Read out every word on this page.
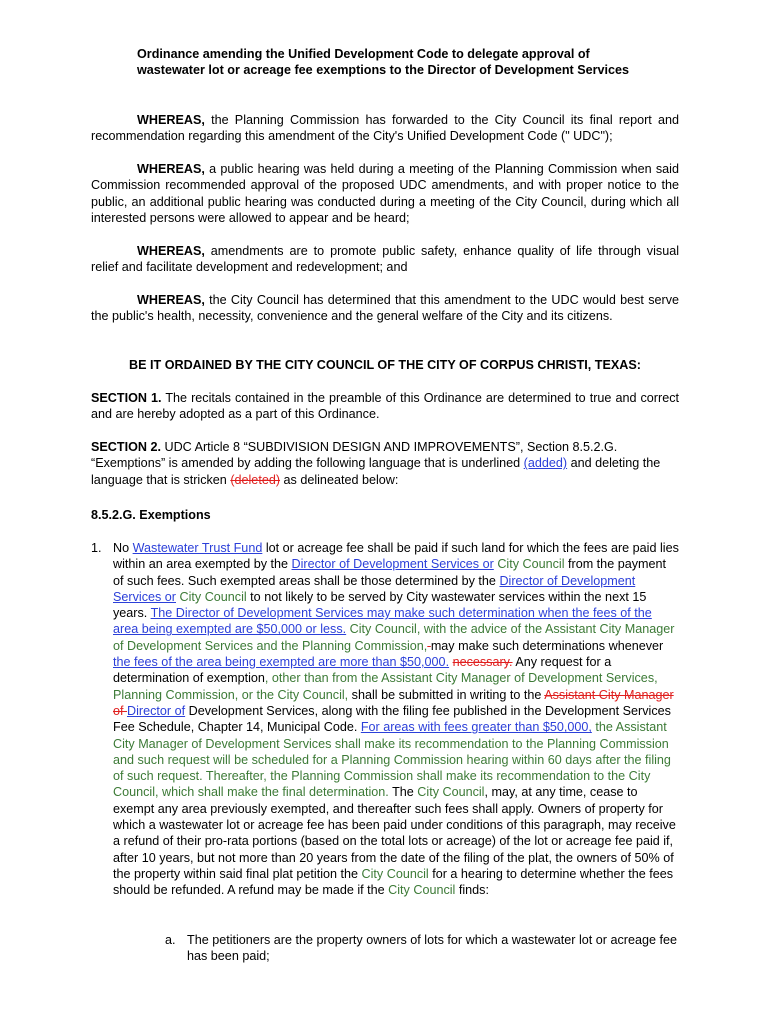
Ordinance amending the Unified Development Code to delegate approval of wastewater lot or acreage fee exemptions to the Director of Development Services

WHEREAS, the Planning Commission has forwarded to the City Council its final report and recommendation regarding this amendment of the City's Unified Development Code (" UDC");

WHEREAS, a public hearing was held during a meeting of the Planning Commission when said Commission recommended approval of the proposed UDC amendments, and with proper notice to the public, an additional public hearing was conducted during a meeting of the City Council, during which all interested persons were allowed to appear and be heard;

WHEREAS, amendments are to promote public safety, enhance quality of life through visual relief and facilitate development and redevelopment; and

WHEREAS, the City Council has determined that this amendment to the UDC would best serve the public's health, necessity, convenience and the general welfare of the City and its citizens.

BE IT ORDAINED BY THE CITY COUNCIL OF THE CITY OF CORPUS CHRISTI, TEXAS:

SECTION 1. The recitals contained in the preamble of this Ordinance are determined to true and correct and are hereby adopted as a part of this Ordinance.

SECTION 2. UDC Article 8 “SUBDIVISION DESIGN AND IMPROVEMENTS”, Section 8.5.2.G. “Exemptions” is amended by adding the following language that is underlined (added) and deleting the language that is stricken (deleted) as delineated below:

8.5.2.G. Exemptions

1. No Wastewater Trust Fund lot or acreage fee shall be paid if such land for which the fees are paid lies within an area exempted by the Director of Development Services or City Council from the payment of such fees. Such exempted areas shall be those determined by the Director of Development Services or City Council to not likely to be served by City wastewater services within the next 15 years. The Director of Development Services may make such determination when the fees of the area being exempted are $50,000 or less. City Council, with the advice of the Assistant City Manager of Development Services and the Planning Commission, may make such determinations whenever the fees of the area being exempted are more than $50,000. necessary. Any request for a determination of exemption, other than from the Assistant City Manager of Development Services, Planning Commission, or the City Council, shall be submitted in writing to the Assistant City Manager of Director of Development Services, along with the filing fee published in the Development Services Fee Schedule, Chapter 14, Municipal Code. For areas with fees greater than $50,000, the Assistant City Manager of Development Services shall make its recommendation to the Planning Commission and such request will be scheduled for a Planning Commission hearing within 60 days after the filing of such request. Thereafter, the Planning Commission shall make its recommendation to the City Council, which shall make the final determination. The City Council, may, at any time, cease to exempt any area previously exempted, and thereafter such fees shall apply. Owners of property for which a wastewater lot or acreage fee has been paid under conditions of this paragraph, may receive a refund of their pro-rata portions (based on the total lots or acreage) of the lot or acreage fee paid if, after 10 years, but not more than 20 years from the date of the filing of the plat, the owners of 50% of the property within said final plat petition the City Council for a hearing to determine whether the fees should be refunded. A refund may be made if the City Council finds:

a. The petitioners are the property owners of lots for which a wastewater lot or acreage fee has been paid;
